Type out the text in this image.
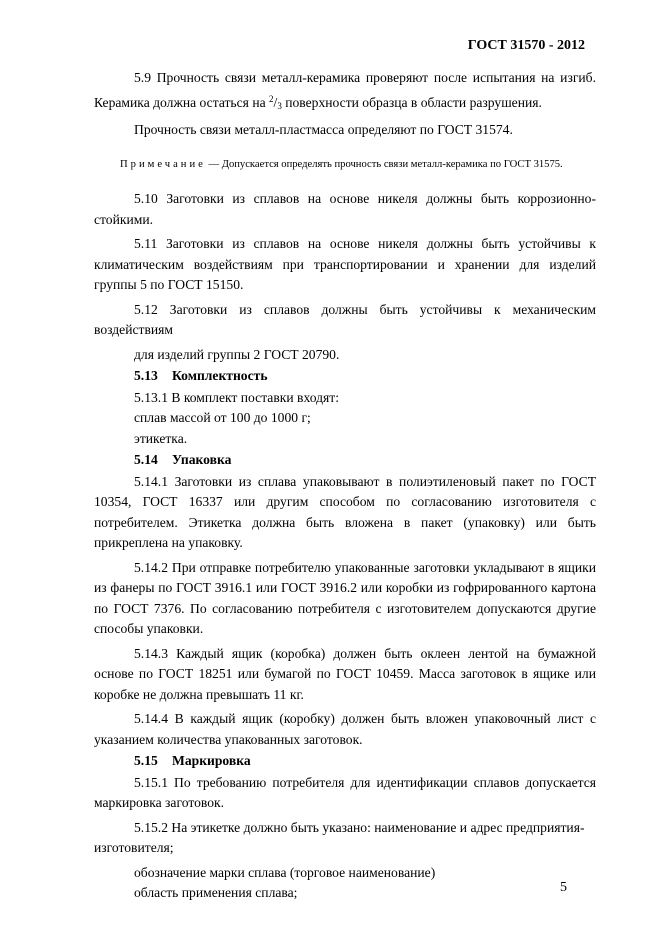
ГОСТ 31570 - 2012

5.9 Прочность связи металл-керамика проверяют после испытания на изгиб. Керамика должна остаться на $^2$/3 поверхности образца в области разрушения.

Прочность связи металл-пластмасса определяют по ГОСТ 31574.

Примечание — Допускается определять прочность связи металл-керамика по ГОСТ 31575.

5.10 Заготовки из сплавов на основе никеля должны быть коррозионно-стойкими.

5.11 Заготовки из сплавов на основе никеля должны быть устойчивы к климатическим воздействиям при транспортировании и хранении для изделий группы 5 по ГОСТ 15150.

5.12 Заготовки из сплавов должны быть устойчивы к механическим воздействиям

для изделий группы 2 ГОСТ 20790.

5.13 Комплектность

5.13.1 В комплект поставки входят:

сплав массой от 100 до 1000 г;

этикетка.

5.14 Упаковка

5.14.1 Заготовки из сплава упаковывают в полиэтиленовый пакет по ГОСТ 10354, ГОСТ 16337 или другим способом по согласованию изготовителя с потребителем. Этикетка должна быть вложена в пакет (упаковку) или быть прикреплена на упаковку.

5.14.2 При отправке потребителю упакованные заготовки укладывают в ящики из фанеры по ГОСТ 3916.1 или ГОСТ 3916.2 или коробки из гофрированного картона по ГОСТ 7376. По согласованию потребителя с изготовителем допускаются другие способы упаковки.

5.14.3 Каждый ящик (коробка) должен быть оклеен лентой на бумажной основе по ГОСТ 18251 или бумагой по ГОСТ 10459. Масса заготовок в ящике или коробке не должна превышать 11 кг.

5.14.4 В каждый ящик (коробку) должен быть вложен упаковочный лист с указанием количества упакованных заготовок.

5.15 Маркировка

5.15.1 По требованию потребителя для идентификации сплавов допускается маркировка заготовок.

5.15.2 На этикетке должно быть указано: наименование и адрес предприятия-изготовителя;

обозначение марки сплава (торговое наименование)

область применения сплава;	5
